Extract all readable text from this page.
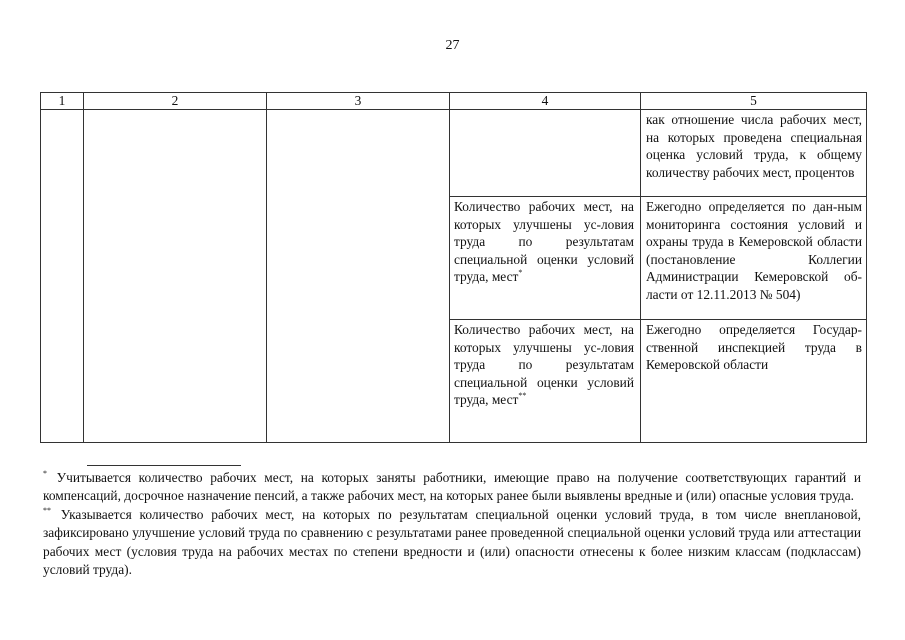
27
1	2	3	4	5

				как отношение числа рабочих мест, на которых проведена специальная оценка условий труда, к общему количеству рабочих мест, процентов

			Количество рабочих мест, на которых улучшены ус-ловия труда по результатам специальной оценки условий труда, мест*	Ежегодно определяется по дан-ным мониторинга состояния условий и охраны труда в Кемеровской области (постановление Коллегии Администрации Кемеровской об-ласти от 12.11.2013 № 504)

			Количество рабочих мест, на которых улучшены ус-ловия труда по результатам специальной оценки условий труда, мест**	Ежегодно определяется Государ-ственной инспекцией труда в Кемеровской области

* Учитывается количество рабочих мест, на которых заняты работники, имеющие право на получение соответствующих гарантий и компенсаций, досрочное назначение пенсий, а также рабочих мест, на которых ранее были выявлены вредные и (или) опасные условия труда.

** Указывается количество рабочих мест, на которых по результатам специальной оценки условий труда, в том числе внеплановой, зафиксировано улучшение условий труда по сравнению с результатами ранее проведенной специальной оценки условий труда или аттестации рабочих мест (условия труда на рабочих местах по степени вредности и (или) опасности отнесены к более низким классам (подклассам) условий труда).
